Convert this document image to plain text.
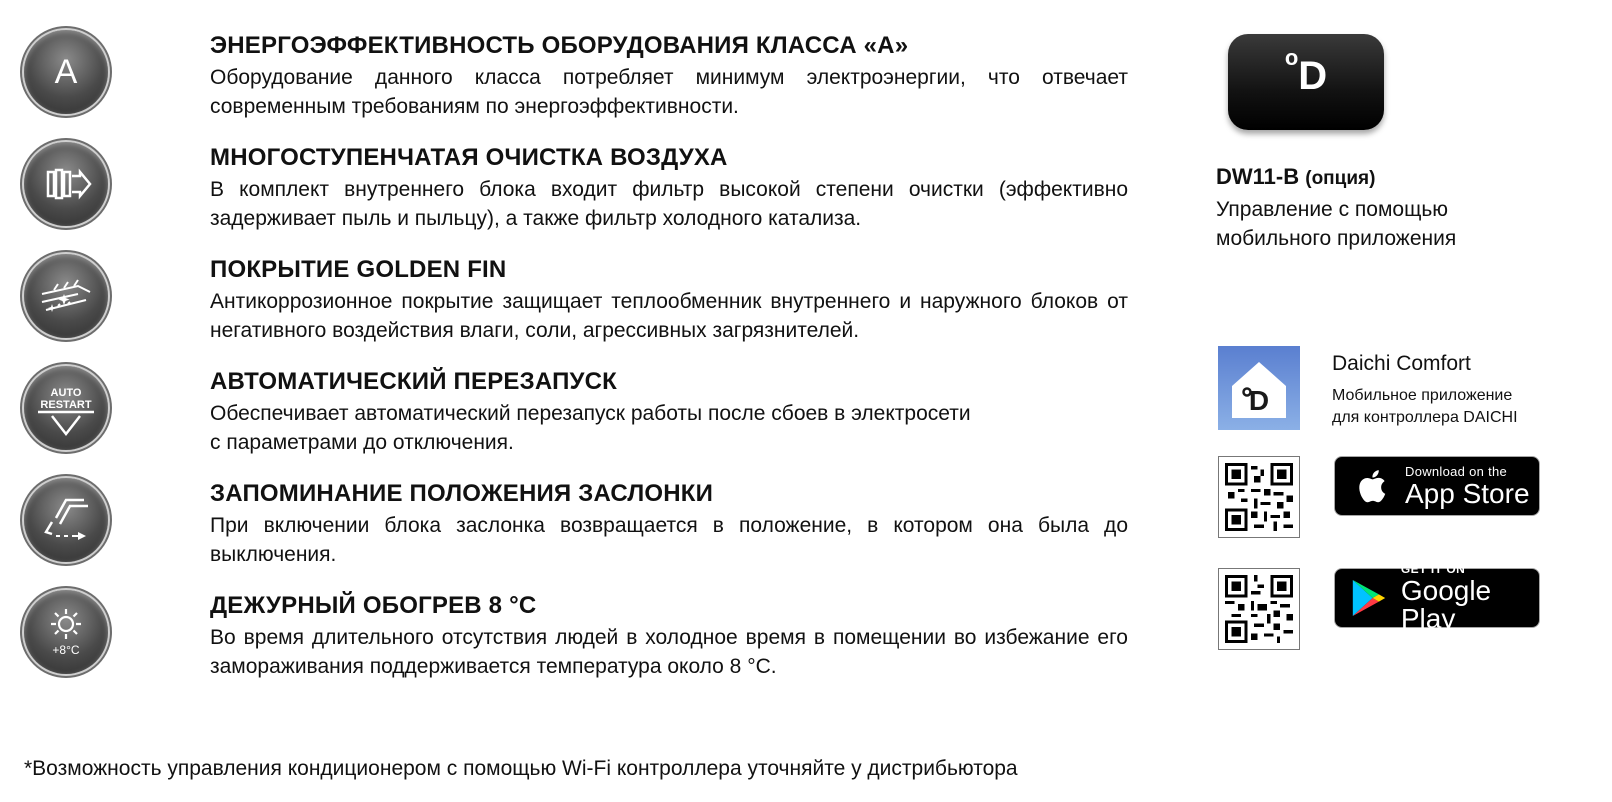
A
ЭНЕРГОЭФФЕКТИВНОСТЬ ОБОРУДОВАНИЯ КЛАССА «А»
Оборудование данного класса потребляет минимум электроэнергии, что отвечает современным требованиям по энергоэффективности.
МНОГОСТУПЕНЧАТАЯ ОЧИСТКА ВОЗДУХА
В комплект внутреннего блока входит фильтр высокой степени очистки (эффективно задерживает пыль и пыльцу), а также фильтр холодного катализа.
ПОКРЫТИЕ GOLDEN FIN
Антикоррозионное покрытие защищает теплообменник внутреннего и наружного блоков от негативного воздействия влаги, соли, агрессивных загрязнителей.
AUTO
RESTART
АВТОМАТИЧЕСКИЙ ПЕРЕЗАПУСК
Обеспечивает автоматический перезапуск работы после сбоев в электросети
с параметрами до отключения.
ЗАПОМИНАНИЕ ПОЛОЖЕНИЯ ЗАСЛОНКИ
При включении блока заслонка возвращается в положение, в котором она была до выключения.
+8°C
ДЕЖУРНЫЙ ОБОГРЕВ 8 °C
Во время длительного отсутствия людей в холодное время в помещении во избежание его замораживания поддерживается температура около 8 °C.
*Возможность управления кондиционером с помощью Wi-Fi контроллера уточняйте у дистрибьютора
$^o$D
DW11-B (опция)
Управление с помощью
мобильного приложения
D
Daichi Comfort
Мобильное приложение
для контроллера DAICHI
Download on the
App Store
GET IT ON
Google Play
